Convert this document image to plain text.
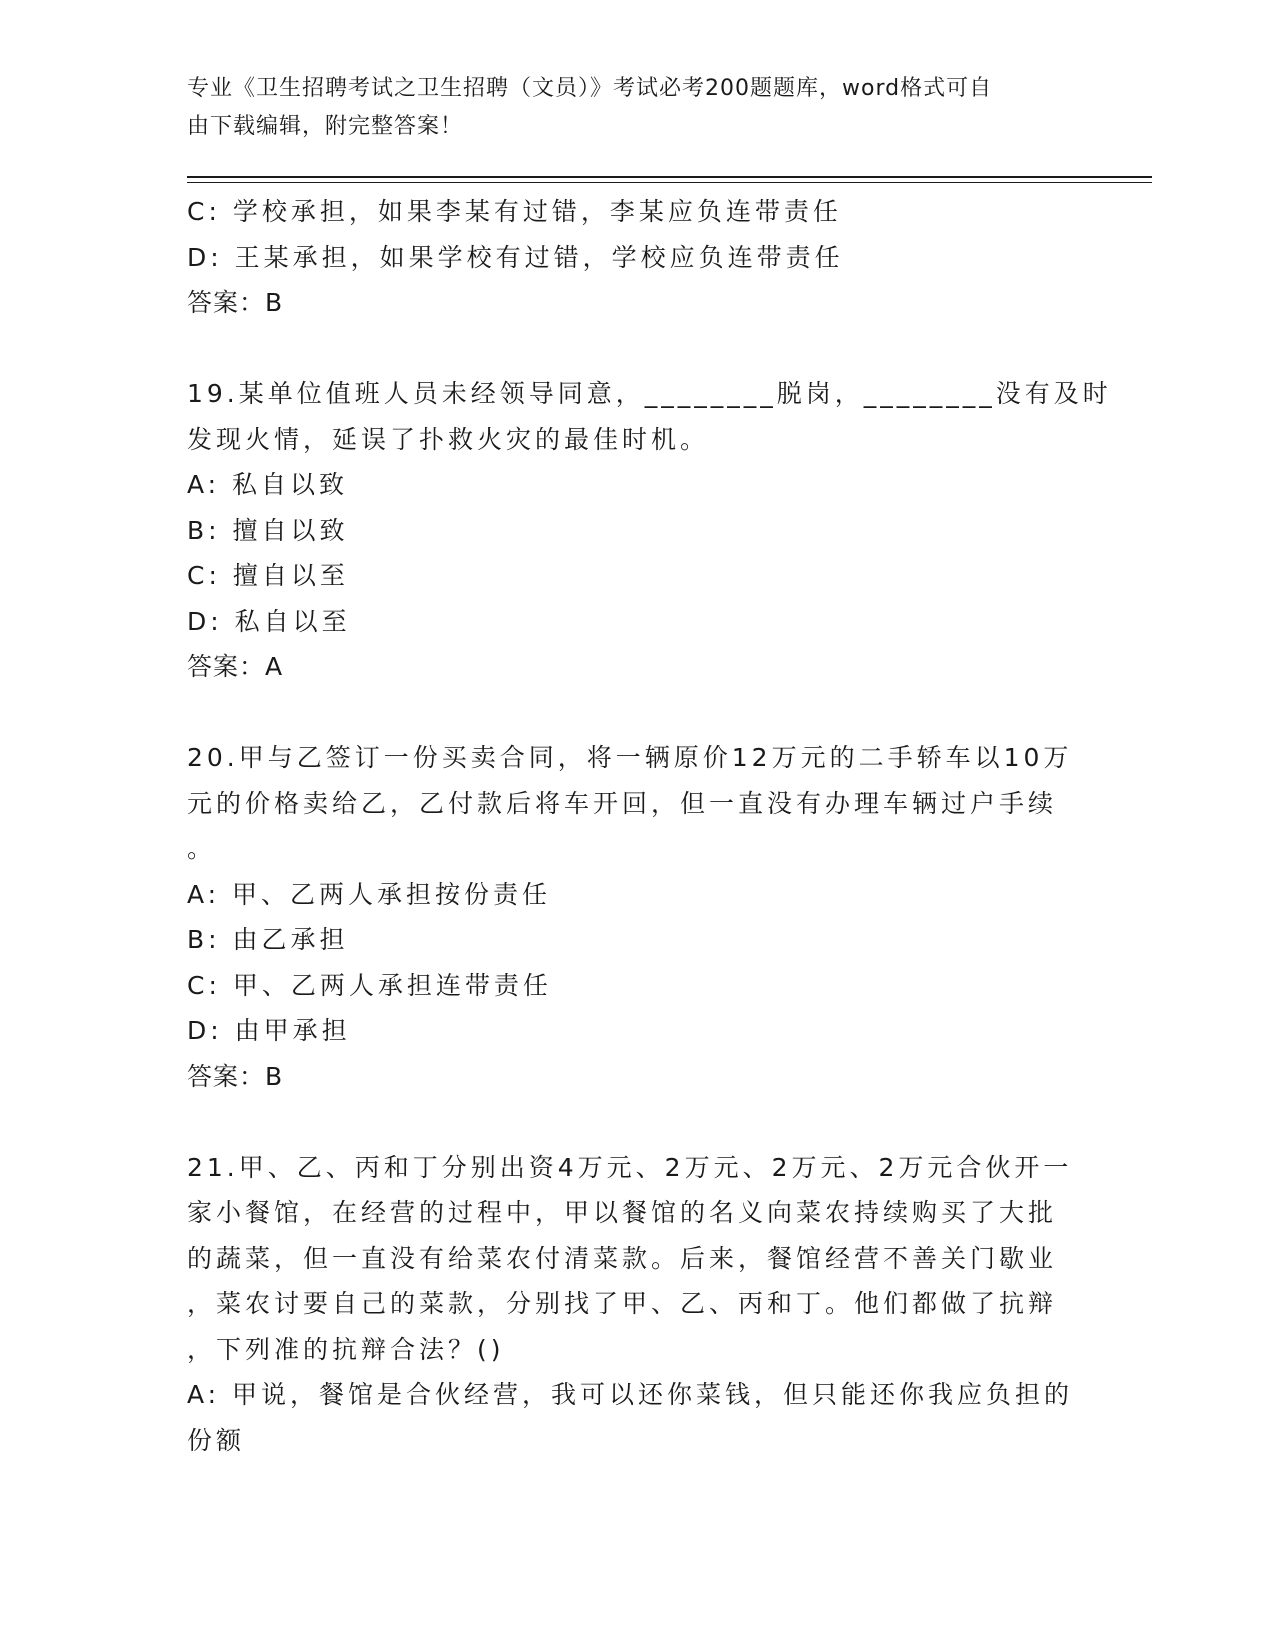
专业《卫生招聘考试之卫生招聘（文员）》考试必考200题题库，word格式可自
由下载编辑，附完整答案！
C: 学校承担，如果李某有过错，李某应负连带责任
D: 王某承担，如果学校有过错，学校应负连带责任
答案：B
19.某单位值班人员未经领导同意，________脱岗，________没有及时
发现火情，延误了扑救火灾的最佳时机。
A: 私自以致
B: 擅自以致
C: 擅自以至
D: 私自以至
答案：A
20.甲与乙签订一份买卖合同，将一辆原价12万元的二手轿车以10万
元的价格卖给乙，乙付款后将车开回，但一直没有办理车辆过户手续
。
A: 甲、乙两人承担按份责任
B: 由乙承担
C: 甲、乙两人承担连带责任
D: 由甲承担
答案：B
21.甲、乙、丙和丁分别出资4万元、2万元、2万元、2万元合伙开一
家小餐馆，在经营的过程中，甲以餐馆的名义向菜农持续购买了大批
的蔬菜，但一直没有给菜农付清菜款。后来，餐馆经营不善关门歇业
，菜农讨要自己的菜款，分别找了甲、乙、丙和丁。他们都做了抗辩
，下列准的抗辩合法？()
A: 甲说，餐馆是合伙经营，我可以还你菜钱，但只能还你我应负担的
份额
